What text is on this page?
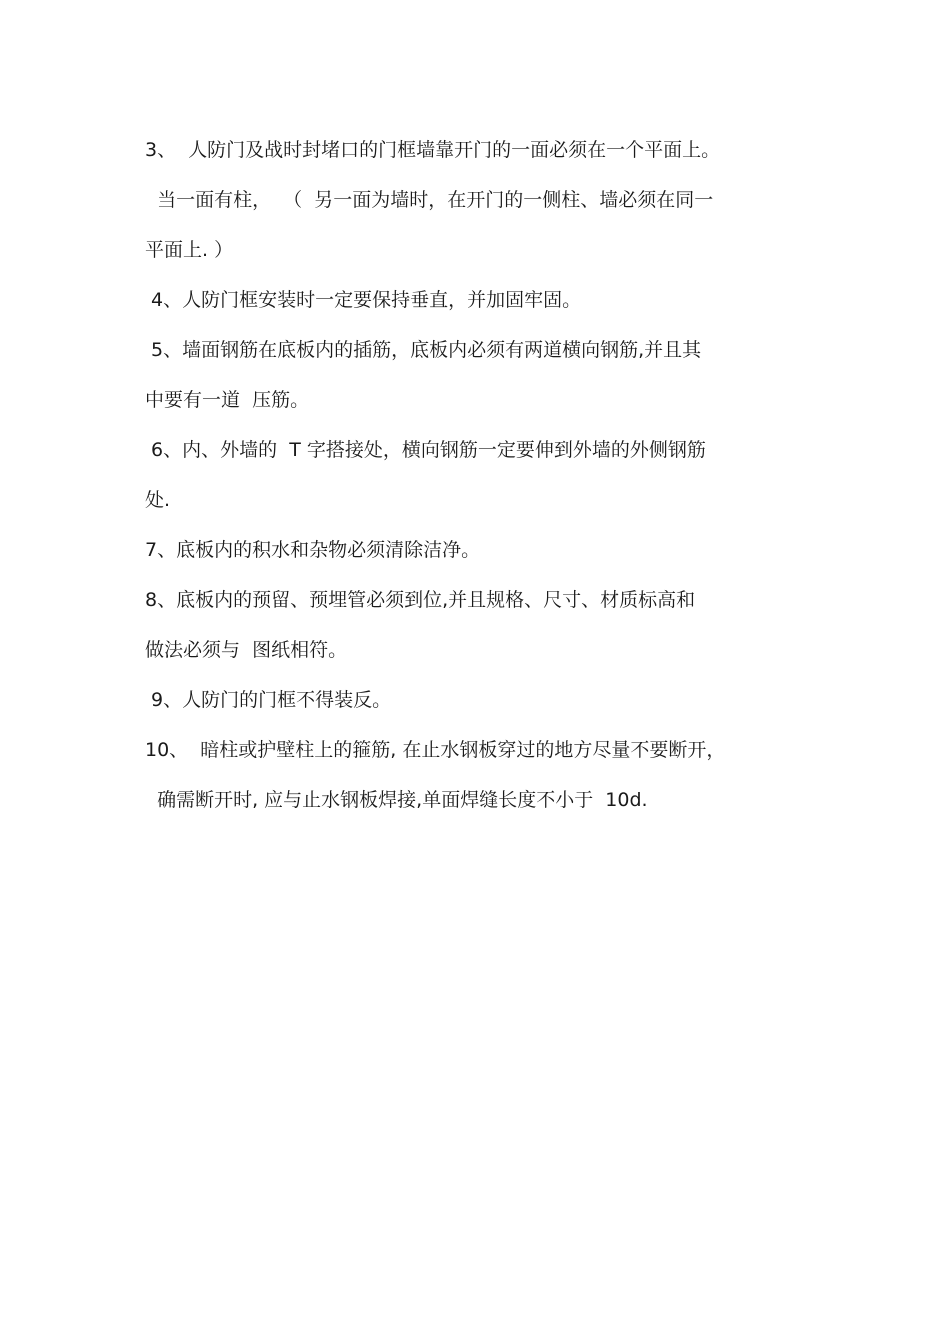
3、  人防门及战时封堵口的门框墙靠开门的一面必须在一个平面上。

当一面有柱，  （  另一面为墙时，在开门的一侧柱、墙必须在同一

平面上. ）

4、人防门框安装时一定要保持垂直，并加固牢固。

5、墙面钢筋在底板内的插筋，底板内必须有两道横向钢筋,并且其

中要有一道  压筋。

6、内、外墙的  T 字搭接处，横向钢筋一定要伸到外墙的外侧钢筋

处.

7、底板内的积水和杂物必须清除洁净。

8、底板内的预留、预埋管必须到位,并且规格、尺寸、材质标高和

做法必须与  图纸相符。

9、人防门的门框不得装反。

10、  暗柱或护壁柱上的箍筋, 在止水钢板穿过的地方尽量不要断开，

确需断开时, 应与止水钢板焊接,单面焊缝长度不小于  10d.
